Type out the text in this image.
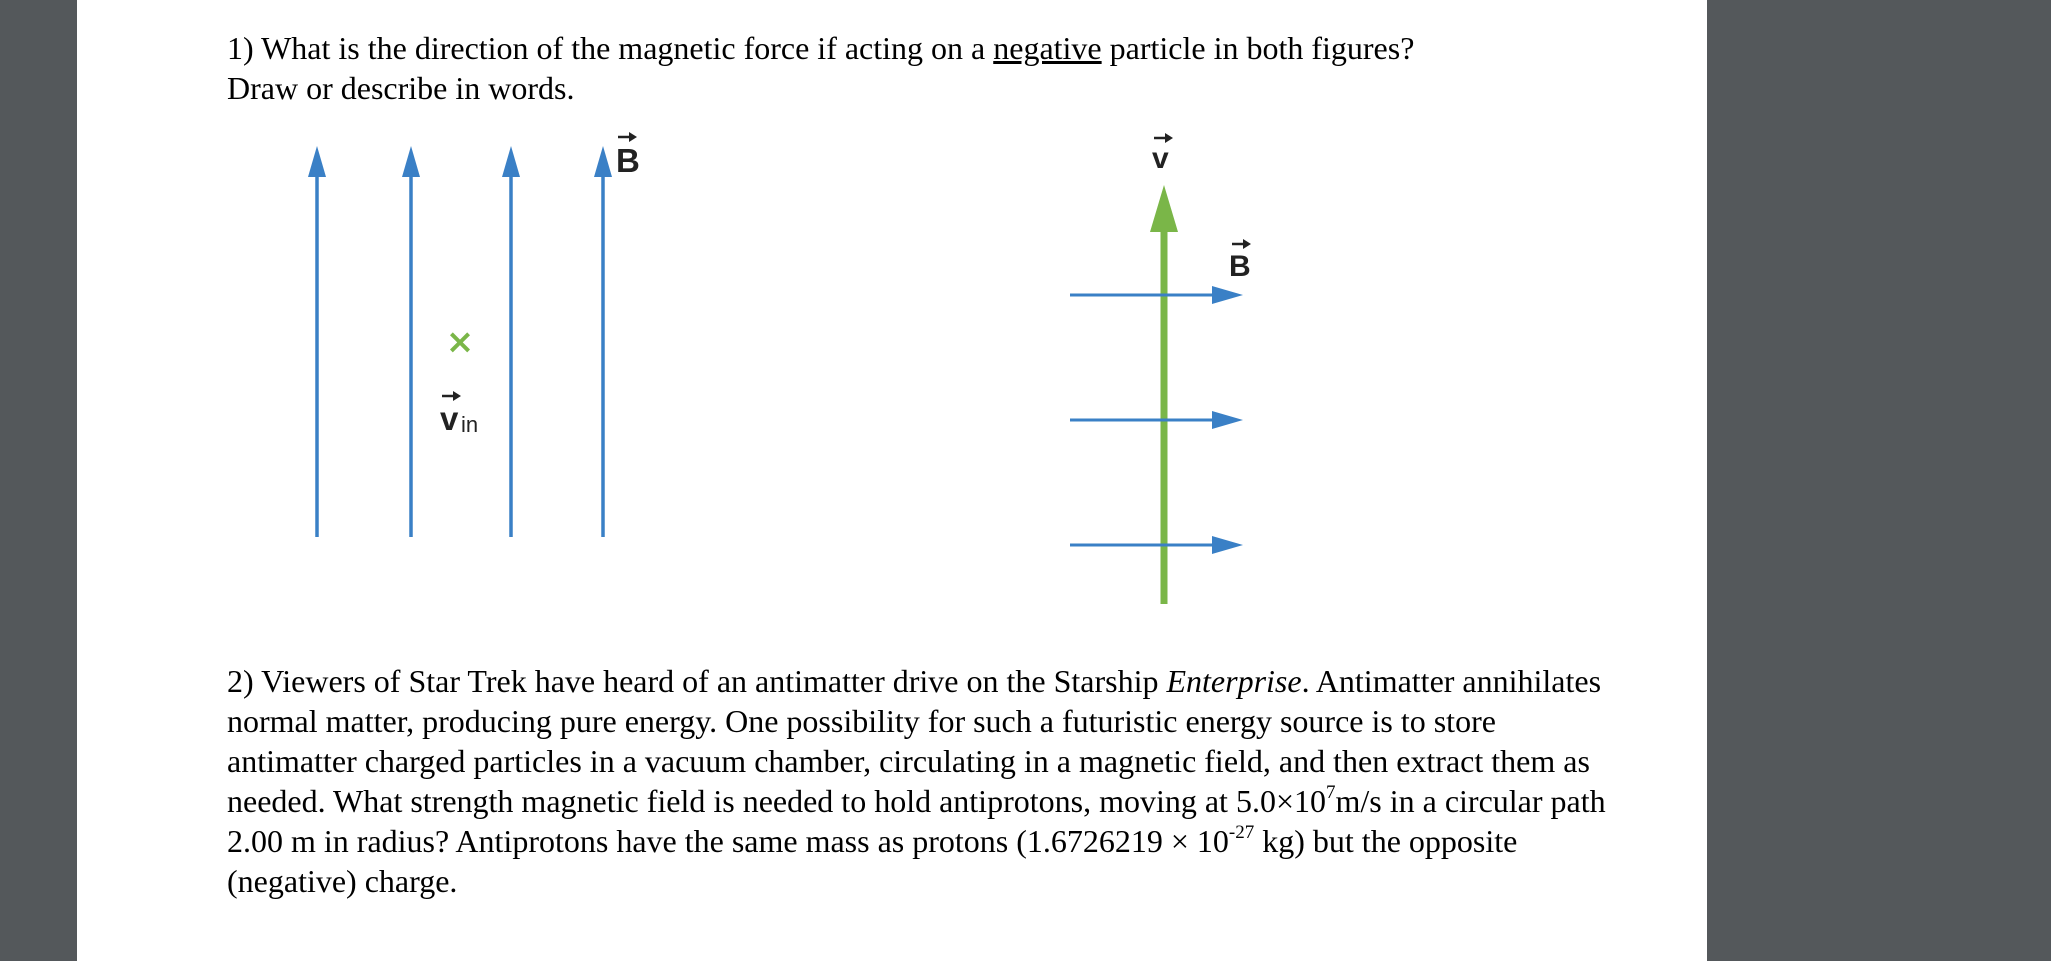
1) What is the direction of the magnetic force if acting on a negative particle in both figures?
Draw or describe in words.

B
×
v in
v
B

2) Viewers of Star Trek have heard of an antimatter drive on the Starship Enterprise. Antimatter annihilates normal matter, producing pure energy. One possibility for such a futuristic energy source is to store antimatter charged particles in a vacuum chamber, circulating in a magnetic field, and then extract them as needed. What strength magnetic field is needed to hold antiprotons, moving at $5.0\times 10^7m/s$ in a circular path 2.00 m in radius? Antiprotons have the same mass as protons ($1.6726219 \times 10^{-27}$ kg) but the opposite (negative) charge.
